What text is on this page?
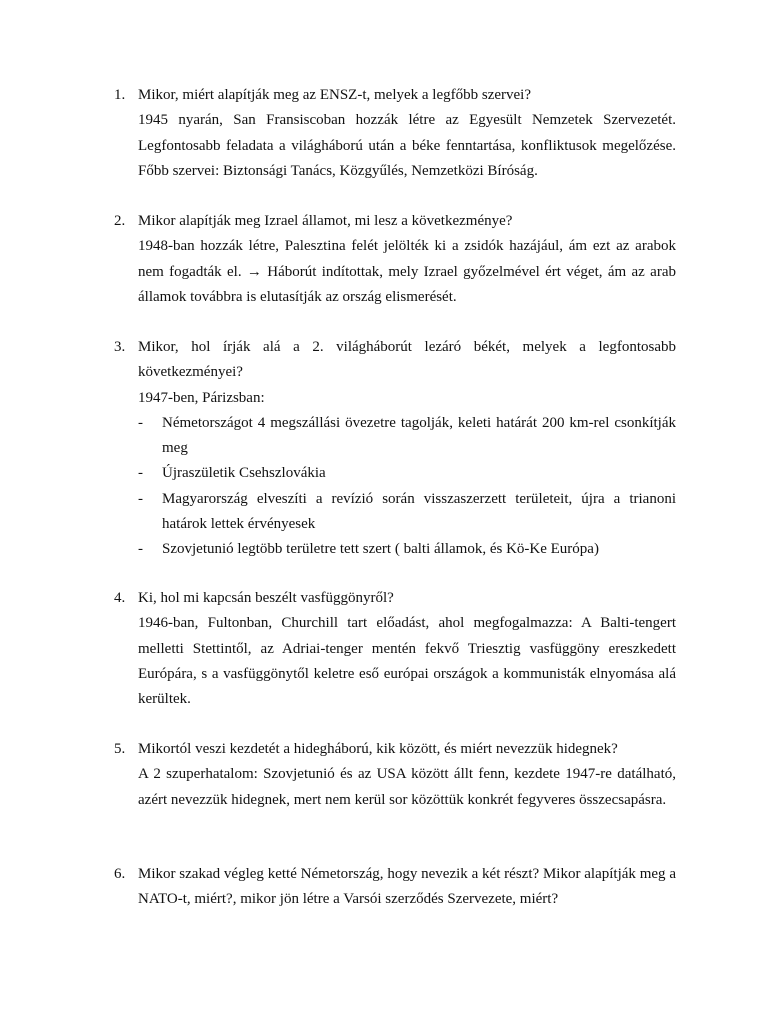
1. Mikor, miért alapítják meg az ENSZ-t, melyek a legfőbb szervei?
1945 nyarán, San Fransiscoban hozzák létre az Egyesült Nemzetek Szervezetét. Legfontosabb feladata a világháború után a béke fenntartása, konfliktusok megelőzése. Főbb szervei: Biztonsági Tanács, Közgyűlés, Nemzetközi Bíróság.
2. Mikor alapítják meg Izrael államot, mi lesz a következménye?
1948-ban hozzák létre, Palesztina felét jelölték ki a zsidók hazájául, ám ezt az arabok nem fogadták el. → Háborút indítottak, mely Izrael győzelmével ért véget, ám az arab államok továbbra is elutasítják az ország elismerését.
3. Mikor, hol írják alá a 2. világháborút lezáró békét, melyek a legfontosabb következményei?
1947-ben, Párizsban:
- Németországot 4 megszállási övezetre tagolják, keleti határát 200 km-rel csonkítják meg
- Újraszületik Csehszlovákia
- Magyarország elveszíti a revízió során visszaszerzett területeit, újra a trianoni határok lettek érvényesek
- Szovjetunió legtöbb területre tett szert ( balti államok, és Kö-Ke Európa)
4. Ki, hol mi kapcsán beszélt vasfüggönyről?
1946-ban, Fultonban, Churchill tart előadást, ahol megfogalmazza: A Balti-tengert melletti Stettintől, az Adriai-tenger mentén fekvő Triesztig vasfüggöny ereszkedett Európára, s a vasfüggönytől keletre eső európai országok a kommunisták elnyomása alá kerültek.
5. Mikortól veszi kezdetét a hidegháború, kik között, és miért nevezzük hidegnek?
A 2 szuperhatalom: Szovjetunió és az USA között állt fenn, kezdete 1947-re datálható, azért nevezzük hidegnek, mert nem kerül sor közöttük konkrét fegyveres összecsapásra.
6. Mikor szakad végleg ketté Németország, hogy nevezik a két részt? Mikor alapítják meg a NATO-t, miért?, mikor jön létre a Varsói szerződés Szervezete, miért?
